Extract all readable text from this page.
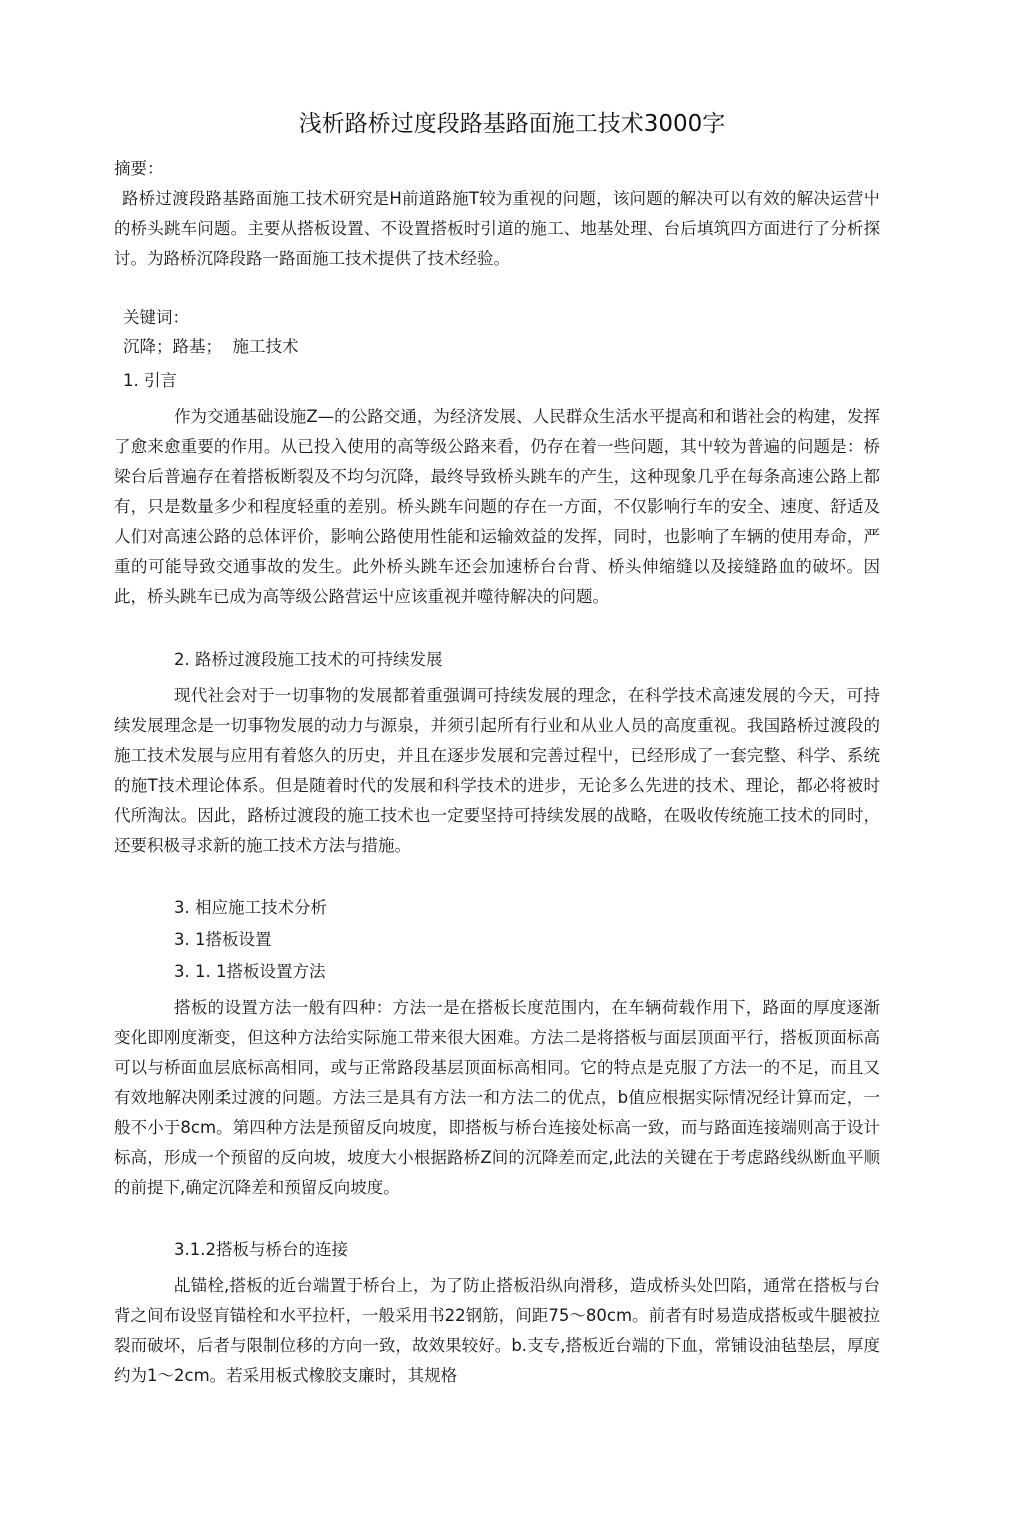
浅析路桥过度段路基路面施工技术3000字

摘要：

路桥过渡段路基路面施工技术研究是H前道路施T较为重视的问题，该问题的解决可以有效的解决运营屮的桥头跳车问题。主要从搭板设置、不设置搭板时引道的施工、地基处理、台后填筑四方面进行了分析探讨。为路桥沉降段路一路面施工技术提供了技术经验。

关键词：

沉降；路基；  施工技术

1. 引言

作为交通基础设施Z—的公路交通，为经济发展、人民群众生活水平提高和和谐社会的构建，发挥了愈来愈重要的作用。从已投入使用的高等级公路来看，仍存在着一些问题，其屮较为普遍的问题是：桥梁台后普遍存在着搭板断裂及不均匀沉降，最终导致桥头跳车的产生，这种现象几乎在每条高速公路上都有，只是数量多少和程度轻重的差别。桥头跳车问题的存在一方面，不仅影响行车的安全、速度、舒适及人们对高速公路的总体评价，影响公路使用性能和运输效益的发挥，同时，也影响了车辆的使用寿命，严重的可能导致交通事故的发生。此外桥头跳车还会加速桥台台背、桥头伸缩缝以及接缝路血的破坏。因此，桥头跳车已成为高等级公路营运屮应该重视并噬待解决的问题。

2. 路桥过渡段施工技术的可持续发展

现代社会对于一切事物的发展都着重强调可持续发展的理念，在科学技术高速发展的今天，可持续发展理念是一切事物发展的动力与源泉，并须引起所有行业和从业人员的高度重视。我国路桥过渡段的施工技术发展与应用有着悠久的历史，并且在逐步发展和完善过程屮，已经形成了一套完整、科学、系统的施T技术理论体系。但是随着时代的发展和科学技术的进步，无论多么先进的技术、理论，都必将被时代所淘汰。因此，路桥过渡段的施工技术也一定要坚持可持续发展的战略，在吸收传统施工技术的同时，还要积极寻求新的施工技术方法与措施。

3. 相应施工技术分析

3. 1搭板设置

3. 1. 1搭板设置方法

搭板的设置方法一般有四种：方法一是在搭板长度范围内，在车辆荷载作用下，路面的厚度逐渐变化即刚度渐变，但这种方法给实际施工带来很大困难。方法二是将搭板与面层顶面平行，搭板顶面标高可以与桥面血层底标高相同，或与正常路段基层顶面标高相同。它的特点是克服了方法一的不足，而且又有效地解决刚柔过渡的问题。方法三是具有方法一和方法二的优点，b值应根据实际情况经计算而定，一般不小于8cm。第四种方法是预留反向坡度，即搭板与桥台连接处标高一致，而与路面连接端则高于设计标高，形成一个预留的反向坡，坡度大小根据路桥Z间的沉降差而定,此法的关键在于考虑路线纵断血平顺的前提下,确定沉降差和预留反向坡度。

3.1.2搭板与桥台的连接

乩锚栓,搭板的近台端置于桥台上，为了防止搭板沿纵向滑移，造成桥头处凹陷，通常在搭板与台背之间布设竖肓锚栓和水平拉杆，一般采用书22钢筋，间距75～80cm。前者有时易造成搭板或牛腿被拉裂而破坏，后者与限制位移的方向一致，故效果较好。b.支专,搭板近台端的下血，常铺设油毡垫层，厚度约为1～2cm。若采用板式橡胶支廉时，其规格
